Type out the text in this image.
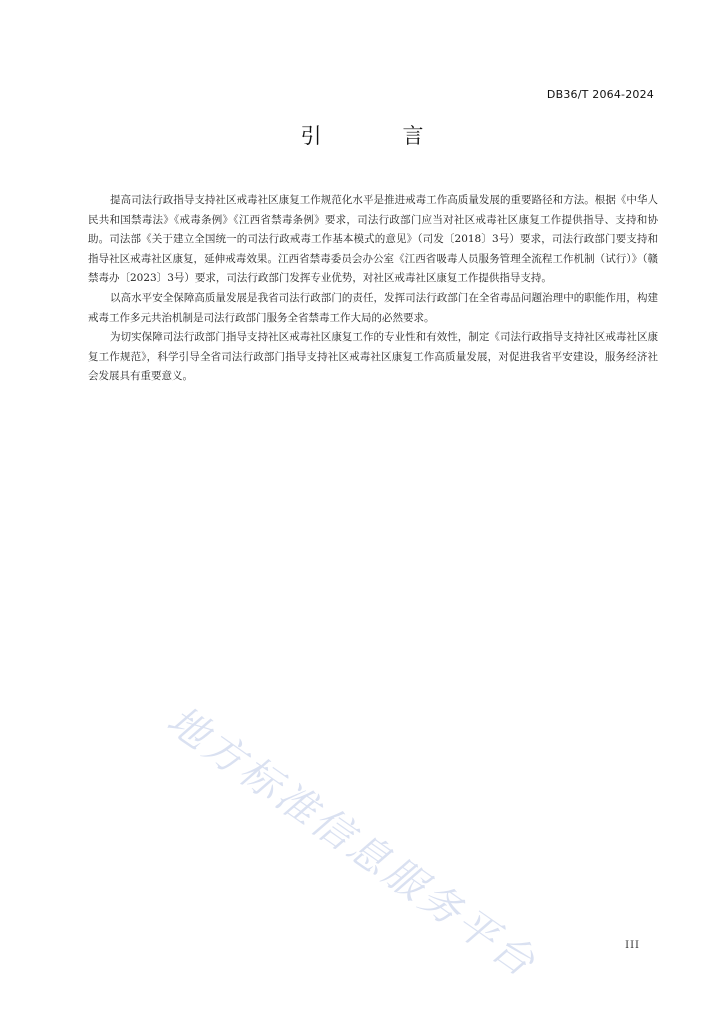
DB36/T 2064-2024
引　言

提高司法行政指导支持社区戒毒社区康复工作规范化水平是推进戒毒工作高质量发展的重要路径和方法。根据《中华人民共和国禁毒法》《戒毒条例》《江西省禁毒条例》要求，司法行政部门应当对社区戒毒社区康复工作提供指导、支持和协助。司法部《关于建立全国统一的司法行政戒毒工作基本模式的意见》（司发〔2018〕3号）要求，司法行政部门要支持和指导社区戒毒社区康复，延伸戒毒效果。江西省禁毒委员会办公室《江西省吸毒人员服务管理全流程工作机制（试行）》（赣禁毒办〔2023〕3号）要求，司法行政部门发挥专业优势，对社区戒毒社区康复工作提供指导支持。

以高水平安全保障高质量发展是我省司法行政部门的责任，发挥司法行政部门在全省毒品问题治理中的职能作用，构建戒毒工作多元共治机制是司法行政部门服务全省禁毒工作大局的必然要求。

为切实保障司法行政部门指导支持社区戒毒社区康复工作的专业性和有效性，制定《司法行政指导支持社区戒毒社区康复工作规范》，科学引导全省司法行政部门指导支持社区戒毒社区康复工作高质量发展，对促进我省平安建设，服务经济社会发展具有重要意义。

地方标准信息服务平台	III
